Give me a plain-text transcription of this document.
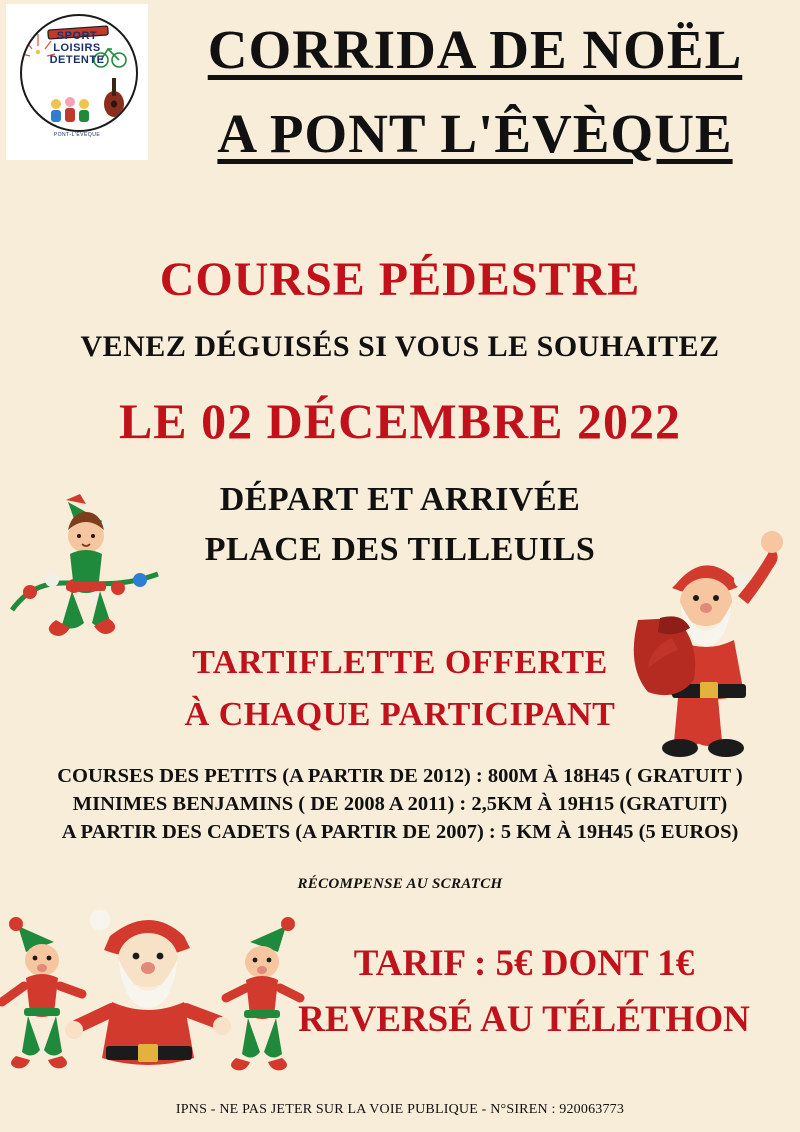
SPORT
LOISIRS
DETENTE
PONT-L'ÉVÊQUE
CORRIDA DE NOËL
A PONT L'ÊVÈQUE
COURSE PÉDESTRE
VENEZ DÉGUISÉS SI VOUS LE SOUHAITEZ
LE 02 DÉCEMBRE 2022
DÉPART ET ARRIVÉE
PLACE DES TILLEUILS
TARTIFLETTE OFFERTE
À CHAQUE PARTICIPANT
COURSES DES PETITS (A PARTIR DE 2012) : 800M À 18H45 ( GRATUIT )
MINIMES BENJAMINS ( DE 2008 A 2011) : 2,5KM À 19H15 (GRATUIT)
A PARTIR DES CADETS (A PARTIR DE 2007) : 5 KM À 19H45 (5 EUROS)
RÉCOMPENSE AU SCRATCH
TARIF : 5€ DONT 1€
REVERSÉ AU TÉLÉTHON
IPNS - NE PAS JETER SUR LA VOIE PUBLIQUE - N°SIREN : 920063773
